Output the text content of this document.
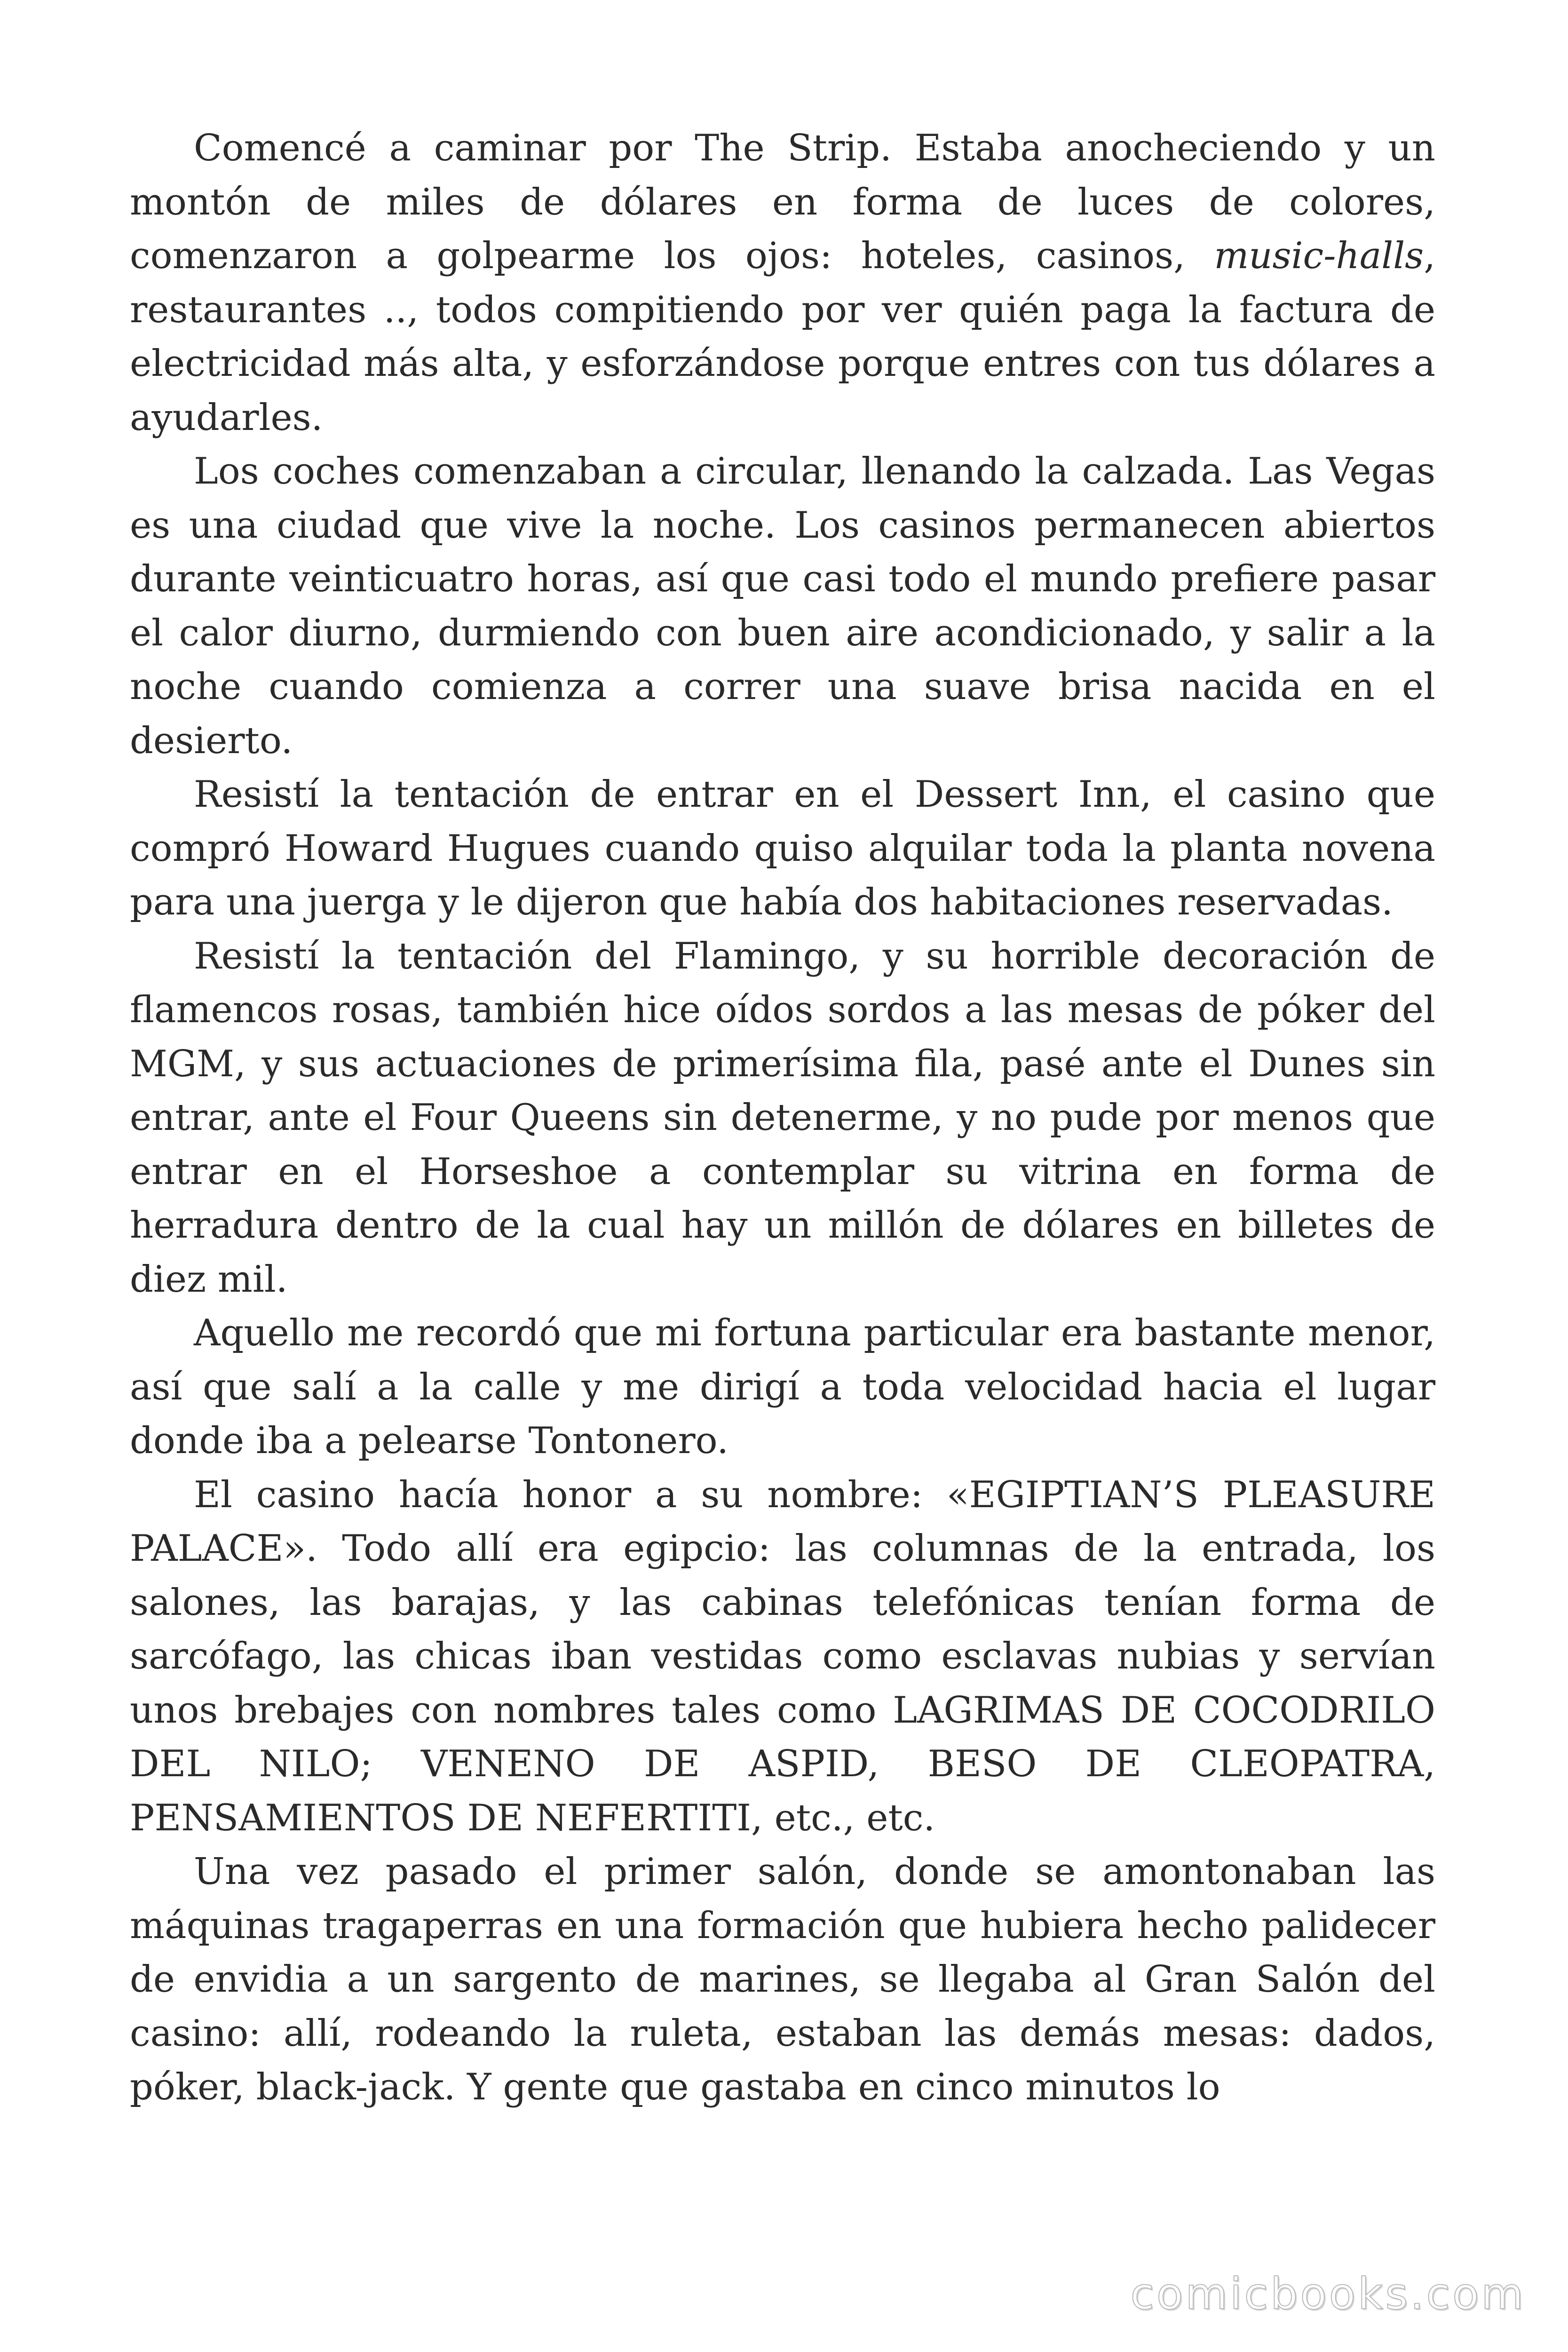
Comencé a caminar por The Strip. Estaba anocheciendo y un montón de miles de dólares en forma de luces de colores, comenzaron a golpearme los ojos: hoteles, casinos, music-halls, restaurantes .., todos compitiendo por ver quién paga la factura de electricidad más alta, y esforzándose porque entres con tus dólares a ayudarles.

Los coches comenzaban a circular, llenando la calzada. Las Vegas es una ciudad que vive la noche. Los casinos permanecen abiertos durante veinticuatro horas, así que casi todo el mundo prefiere pasar el calor diurno, durmiendo con buen aire acondicionado, y salir a la noche cuando comienza a correr una suave brisa nacida en el desierto.

Resistí la tentación de entrar en el Dessert Inn, el casino que compró Howard Hugues cuando quiso alquilar toda la planta novena para una juerga y le dijeron que había dos habitaciones reservadas.

Resistí la tentación del Flamingo, y su horrible decoración de flamencos rosas, también hice oídos sordos a las mesas de póker del MGM, y sus actuaciones de primerísima fila, pasé ante el Dunes sin entrar, ante el Four Queens sin detenerme, y no pude por menos que entrar en el Horseshoe a contemplar su vitrina en forma de herradura dentro de la cual hay un millón de dólares en billetes de diez mil.

Aquello me recordó que mi fortuna particular era bastante menor, así que salí a la calle y me dirigí a toda velocidad hacia el lugar donde iba a pelearse Tontonero.

El casino hacía honor a su nombre: «EGIPTIAN’S PLEASURE PALACE». Todo allí era egipcio: las columnas de la entrada, los salones, las barajas, y las cabinas telefónicas tenían forma de sarcófago, las chicas iban vestidas como esclavas nubias y servían unos brebajes con nombres tales como LAGRIMAS DE COCODRILO DEL NILO; VENENO DE ASPID, BESO DE CLEOPATRA, PENSAMIENTOS DE NEFERTITI, etc., etc.

Una vez pasado el primer salón, donde se amontonaban las máquinas tragaperras en una formación que hubiera hecho palidecer de envidia a un sargento de marines, se llegaba al Gran Salón del casino: allí, rodeando la ruleta, estaban las demás mesas: dados, póker, black-jack. Y gente que gastaba en cinco minutos lo

comicbooks.com
